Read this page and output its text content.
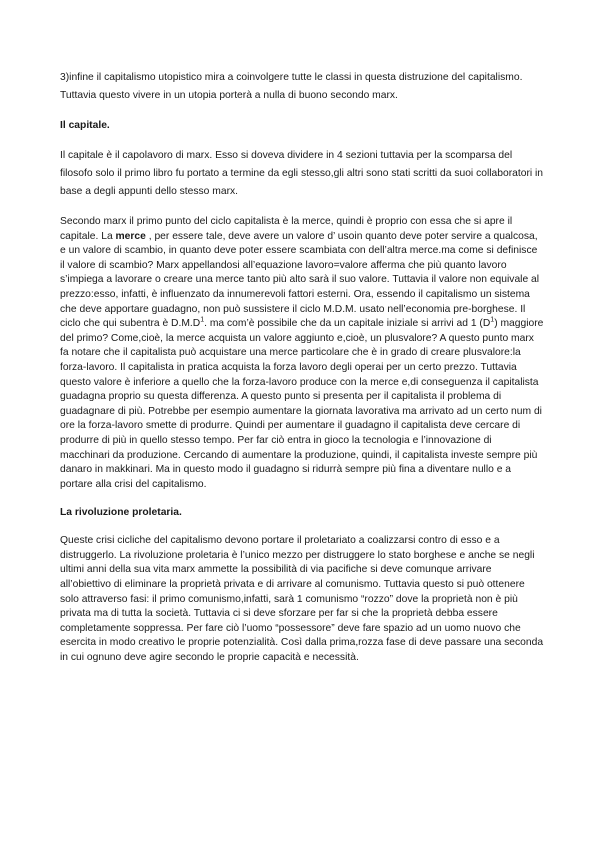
3)infine il capitalismo utopistico mira a coinvolgere tutte le classi in questa distruzione del capitalismo. Tuttavia questo vivere in un utopia porterà a nulla di buono secondo marx.

Il capitale.

Il capitale è il capolavoro di marx. Esso si doveva dividere in 4 sezioni tuttavia per la scomparsa del filosofo solo il primo libro fu portato a termine da egli stesso,gli altri sono stati scritti da suoi collaboratori in base a degli appunti dello stesso marx.

Secondo marx il primo punto del ciclo capitalista è la merce, quindi è proprio con essa che si apre il capitale. La merce , per essere tale, deve avere un valore d’ usoin quanto deve poter servire a qualcosa, e un valore di scambio, in quanto deve poter essere scambiata con dell’altra merce.ma come si definisce il valore di scambio? Marx appellandosi all’equazione lavoro=valore afferma che più quanto lavoro s’impiega a lavorare o creare una merce tanto più alto sarà il suo valore. Tuttavia il valore non equivale al prezzo:esso, infatti, è influenzato da innumerevoli fattori esterni. Ora, essendo il capitalismo un sistema che deve apportare guadagno, non può sussistere il ciclo M.D.M. usato nell’economia pre-borghese. Il ciclo che qui subentra è $D.M.D^1$. ma com’è possibile che da un capitale iniziale si arrivi ad 1 $(D^1)$ maggiore del primo? Come,cioè, la merce acquista un valore aggiunto e,cioè, un plusvalore? A questo punto marx fa notare che il capitalista può acquistare una merce particolare che è in grado di creare plusvalore:la forza-lavoro. Il capitalista in pratica acquista la forza lavoro degli operai per un certo prezzo. Tuttavia questo valore è inferiore a quello che la forza-lavoro produce con la merce e,di conseguenza il capitalista guadagna proprio su questa differenza. A questo punto si presenta per il capitalista il problema di guadagnare di più. Potrebbe per esempio aumentare la giornata lavorativa ma arrivato ad un certo num di ore la forza-lavoro smette di produrre. Quindi per aumentare il guadagno il capitalista deve cercare di produrre di più in quello stesso tempo. Per far ciò entra in gioco la tecnologia e l’innovazione di macchinari da produzione. Cercando di aumentare la produzione, quindi, il capitalista investe sempre più danaro in makkinari. Ma in questo modo il guadagno si ridurrà sempre più fina a diventare nullo e a portare alla crisi del capitalismo.

La rivoluzione proletaria.

Queste crisi cicliche del capitalismo devono portare il proletariato a coalizzarsi contro di esso e a distruggerlo. La rivoluzione proletaria è l’unico mezzo per distruggere lo stato borghese e anche se negli ultimi anni della sua vita marx ammette la possibilità di via pacifiche si deve comunque arrivare all’obiettivo di eliminare la proprietà privata e di arrivare al comunismo. Tuttavia questo si può ottenere solo attraverso fasi: il primo comunismo,infatti, sarà 1 comunismo “rozzo” dove la proprietà non è più privata ma di tutta la società. Tuttavia ci si deve sforzare per far si che la proprietà debba essere completamente soppressa. Per fare ciò l’uomo “possessore” deve fare spazio ad un uomo nuovo che esercita in modo creativo le proprie potenzialità. Così dalla prima,rozza fase di deve passare una seconda in cui ognuno deve agire secondo le proprie capacità e necessità.
